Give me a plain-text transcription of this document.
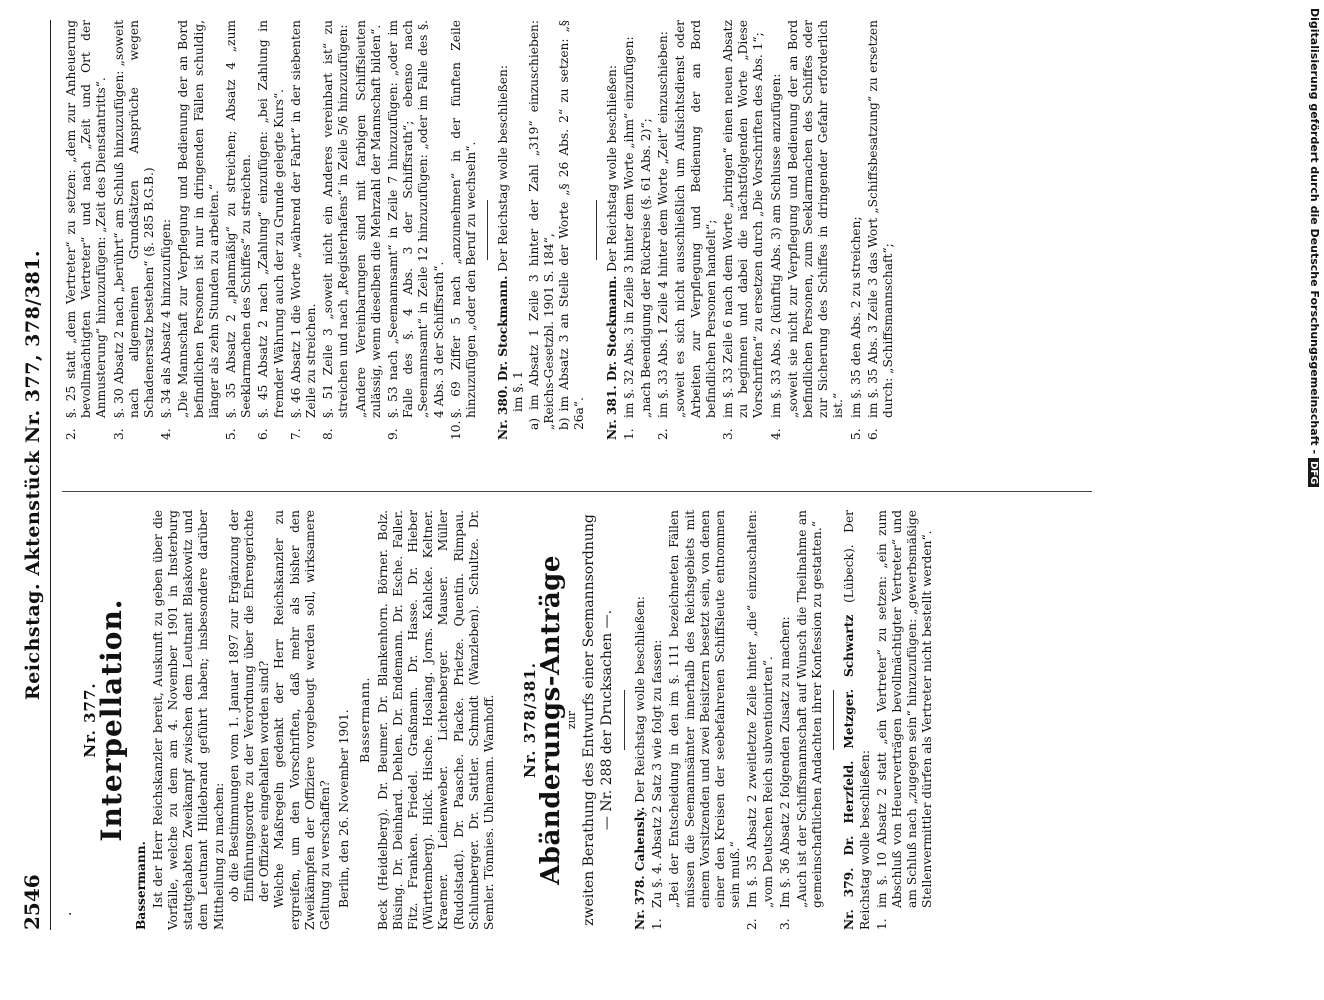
Digitalisierung gefördert durch die Deutsche Forschungsgemeinschaft -DFG
2546
Reichstag. Aktenstück Nr. 377, 378/381.
·
Nr. 377.
Interpellation.
Bassermann. Ist der Herr Reichskanzler bereit, Auskunft zu geben über die Vorfälle, welche zu dem am 4. November 1901 in Insterburg stattgehabten Zweikampf zwischen dem Leutnant Blaskowitz und dem Leutnant Hildebrand geführt haben; insbesondere darüber Mittheilung zu machen: ob die Bestimmungen vom 1. Januar 1897 zur Ergänzung der Einführungsordre zu der Verordnung über die Ehrengerichte der Offiziere eingehalten worden sind? Welche Maßregeln gedenkt der Herr Reichskanzler zu ergreifen, um den Vorschriften, daß mehr als bisher den Zweikämpfen der Offiziere vorgebeugt werden soll, wirksamere Geltung zu verschaffen? Berlin, den 26. November 1901. Bassermann. Beck (Heidelberg). Dr. Beumer. Dr. Blankenhorn. Börner. Bolz. Büsing. Dr. Deinhard. Dehlen. Dr. Endemann. Dr. Esche. Faller. Fitz. Franken. Friedel. Graßmann. Dr. Hasse. Dr. Hieber (Württemberg). Hilck. Hische. Hoslang. Jorns. Kahlcke. Keltner. Kraemer. Leinenweber. Lichtenberger. Mauser. Müller (Rudolstadt). Dr. Paasche. Placke. Prietze. Quentin. Rimpau. Schlumberger. Dr. Sattler. Schmidt (Wanzleben). Schultze. Dr. Semler. Tönnies. Uhlemann. Wamhoff. Nr. 378/381.
Abänderungs-Anträge
zur zweiten Berathung des Entwurfs einer Seemannsordnung — Nr. 288 der Drucksachen —.

Nr. 378. Cahensly. Der Reichstag wolle beschließen:

1.
Zu §. 4. Absatz 2 Satz 3 wie folgt zu fassen: „Bei der Entscheidung in den im §. 111 bezeichneten Fällen müssen die Seemannsämter innerhalb des Reichsgebiets mit einem Vorsitzenden und zwei Beisitzern besetzt sein, von denen einer den Kreisen der seebefahrenen Schiffsleute entnommen sein muß.“

2.
Im §. 35 Absatz 2 zweitletzte Zeile hinter „die“ einzuschalten: „vom Deutschen Reich subventionirten“.
3.
Im §. 36 Absatz 2 folgenden Zusatz zu machen: „Auch ist der Schiffsmannschaft auf Wunsch die Theilnahme an gemeinschaftlichen Andachten ihrer Konfession zu gestatten.“ Nr. 379. Dr. Herzfeld. Metzger. Schwartz (Lübeck). Der Reichstag wolle beschließen: 1.
im §. 10 Absatz 2 statt „ein Vertreter“ zu setzen: „ein zum Abschluß von Heuerverträgen bevollmächtigter Vertreter“ und am Schluß nach „zugegen sein“ hinzuzufügen: „gewerbsmäßige Stellenvermittler dürfen als Vertreter nicht bestellt werden“.
2.
§. 25 statt „dem Vertreter“ zu setzen: „dem zur Anheuerung bevollmächtigten Vertreter“ und nach „Zeit und Ort der Anmusterung“ hinzuzufügen: „Zeit des Dienstantritts“.
3.
§. 30 Absatz 2 nach „berührt“ am Schluß hinzuzufügen: „soweit nach allgemeinen Grundsätzen Ansprüche wegen Schadenersatz bestehen“ (§. 285 B.G.B.)
4.
§. 34 als Absatz 4 hinzuzufügen: „Die Mannschaft zur Verpflegung und Bedienung der an Bord befindlichen Personen ist nur in dringenden Fällen schuldig, länger als zehn Stunden zu arbeiten.“

5.
§. 35 Absatz 2 „planmäßig“ zu streichen; Absatz 4 „zum Seeklarmachen des Schiffes“ zu streichen.
6.
§. 45 Absatz 2 nach „Zahlung“ einzufügen: „bei Zahlung in fremder Währung auch der zu Grunde gelegte Kurs“.
7.
§. 46 Absatz 1 die Worte „während der Fahrt“ in der siebenten Zeile zu streichen.
8.
§. 51 Zeile 3 „soweit nicht ein Anderes vereinbart ist“ zu streichen und nach „Registerhafens“ in Zeile 5/6 hinzuzufügen: „Andere Vereinbarungen sind mit farbigen Schiffsleuten zulässig, wenn dieselben die Mehrzahl der Mannschaft bilden“.

9.
§. 53 nach „Seemannsamt“ in Zeile 7 hinzuzufügen: „oder im Falle des §. 4 Abs. 3 der Schiffsrath“; ebenso nach „Seemannsamt“ in Zeile 12 hinzuzufügen: „oder im Falle des §. 4 Abs. 3 der Schiffsrath“.
10.
§. 69 Ziffer 5 nach „anzunehmen“ in der fünften Zeile hinzuzufügen „oder den Beruf zu wechseln“. Nr. 380. Dr. Stockmann. Der Reichstag wolle beschließen:

im §. 1 a) im Absatz 1 Zeile 3 hinter der Zahl „319“ einzuschieben: „Reichs-Gesetzbl. 1901 S. 184“, b) im Absatz 3 an Stelle der Worte „§ 26 Abs. 2“ zu setzen: „§ 26a“. Nr. 381. Dr. Stockmann. Der Reichstag wolle beschließen:

1.
im §. 32 Abs. 3 in Zeile 3 hinter dem Worte „ihm“ einzufügen: „nach Beendigung der Rückreise (§. 61 Abs. 2)“;

2.
im §. 33 Abs. 1 Zeile 4 hinter dem Worte „Zeit“ einzuschieben: „soweit es sich nicht ausschließlich um Aufsichtsdienst oder Arbeiten zur Verpflegung und Bedienung der an Bord befindlichen Personen handelt“;

3.
im §. 33 Zeile 6 nach dem Worte „bringen“ einen neuen Absatz zu beginnen und dabei die nächstfolgenden Worte „Diese Vorschriften“ zu ersetzen durch „Die Vorschriften des Abs. 1“;
4.
im §. 33 Abs. 2 (künftig Abs. 3) am Schlusse anzufügen: „soweit sie nicht zur Verpflegung und Bedienung der an Bord befindlichen Personen, zum Seeklarmachen des Schiffes oder zur Sicherung des Schiffes in dringender Gefahr erforderlich ist.“

5.
im §. 35 den Abs. 2 zu streichen;
6.
im §. 35 Abs. 3 Zeile 3 das Wort „Schiffsbesatzung“ zu ersetzen durch: „Schiffsmannschaft“;
